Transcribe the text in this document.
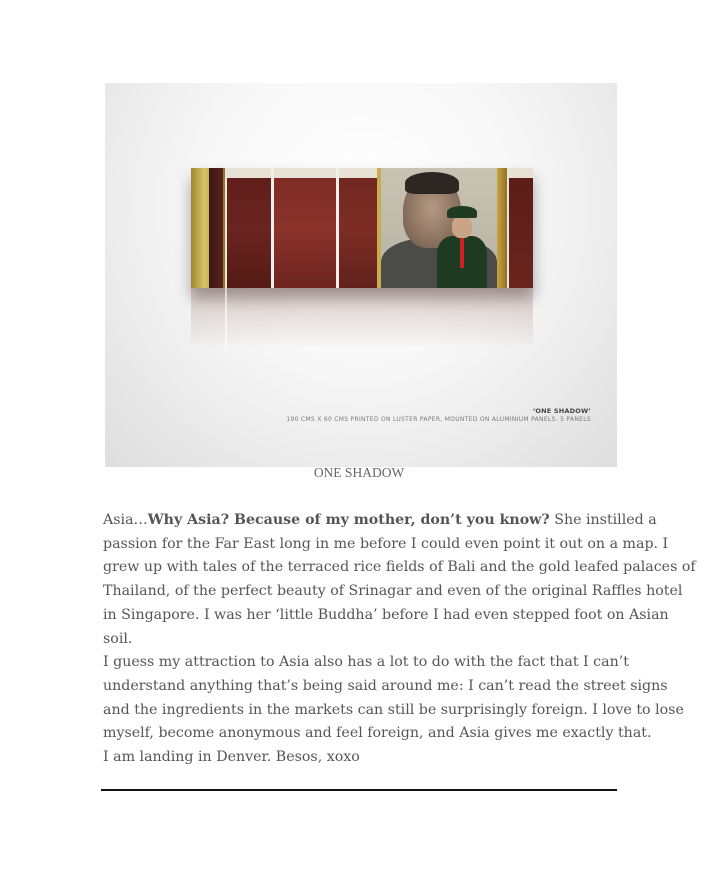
‘ONE SHADOW’
190 CMS X 60 CMS PRINTED ON LUSTER PAPER, MOUNTED ON ALUMINIUM PANELS. 5 PANELS
ONE SHADOW
Asia…Why Asia? Because of my mother, don’t you know? She instilled a
passion for the Far East long in me before I could even point it out on a map. I
grew up with tales of the terraced rice fields of Bali and the gold leafed palaces of
Thailand, of the perfect beauty of Srinagar and even of the original Raffles hotel
in Singapore. I was her ‘little Buddha’ before I had even stepped foot on Asian
soil.
I guess my attraction to Asia also has a lot to do with the fact that I can’t
understand anything that’s being said around me: I can’t read the street signs
and the ingredients in the markets can still be surprisingly foreign. I love to lose
myself, become anonymous and feel foreign, and Asia gives me exactly that.
I am landing in Denver. Besos, xoxo
